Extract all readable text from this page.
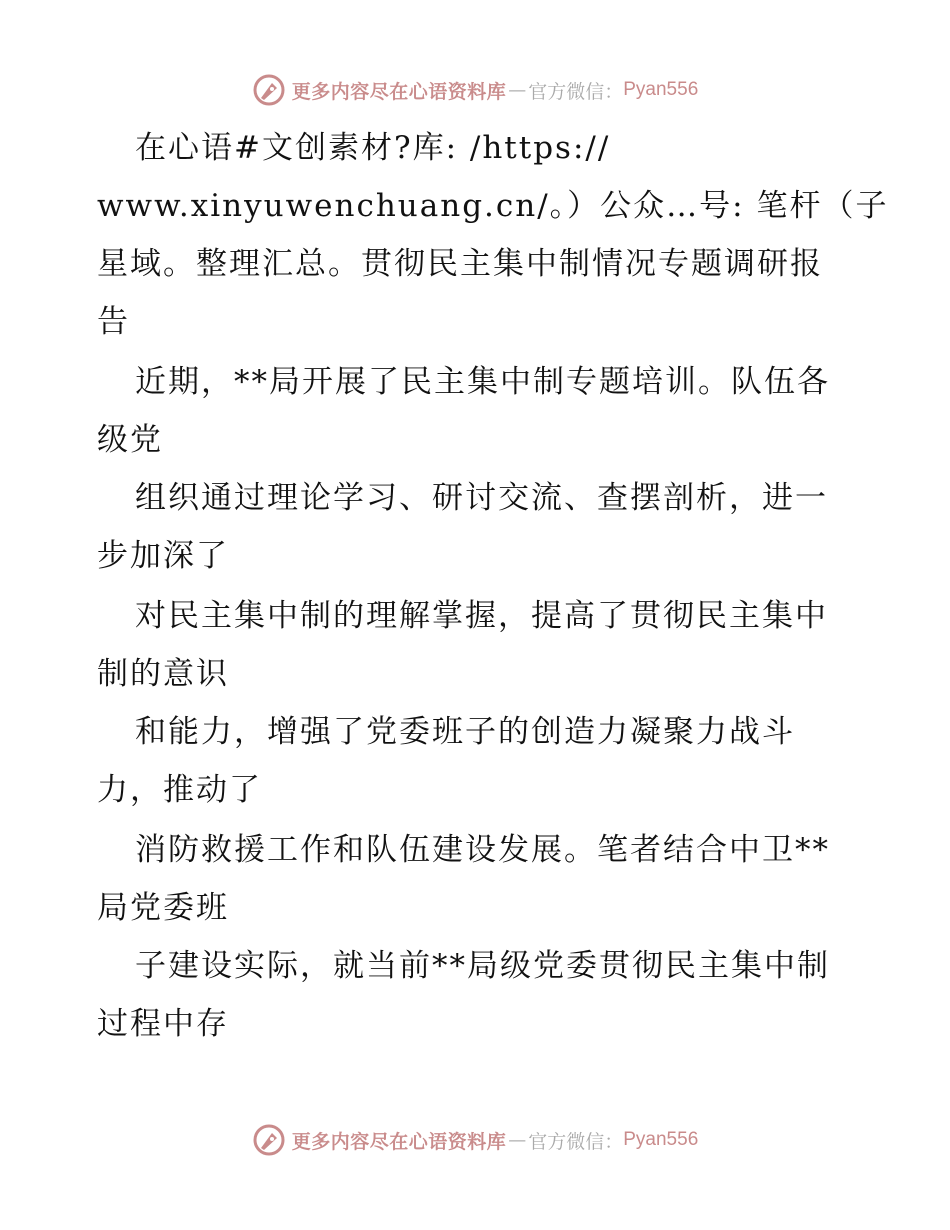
更多内容尽在心语资料库 — 官方微信： Pyan556
在心语#文创素材?库: /https://
www.xinyuwenchuang.cn/。）公众…号: 笔杆（子
星域。整理汇总。贯彻民主集中制情况专题调研报
告
近期，**局开展了民主集中制专题培训。队伍各
级党
组织通过理论学习、研讨交流、查摆剖析，进一
步加深了
对民主集中制的理解掌握，提高了贯彻民主集中
制的意识
和能力，增强了党委班子的创造力凝聚力战斗
力，推动了
消防救援工作和队伍建设发展。笔者结合中卫**
局党委班
子建设实际，就当前**局级党委贯彻民主集中制
过程中存
更多内容尽在心语资料库 — 官方微信： Pyan556
